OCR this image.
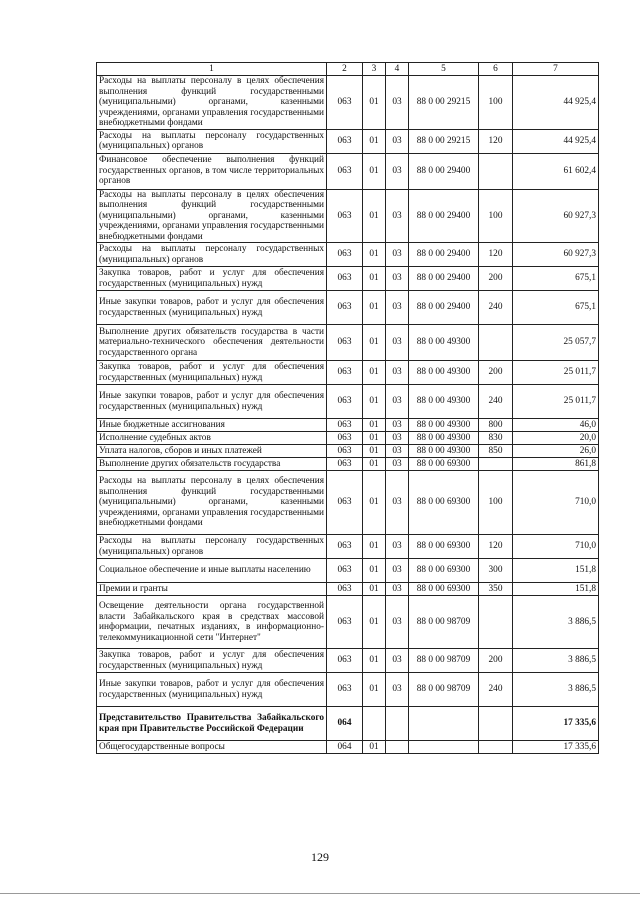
1	2	3	4	5	6	7
Расходы на выплаты персоналу в целях обеспечения выполнения функций государственными (муниципальными) органами, казенными учреждениями, органами управления государственными внебюджетными фондами	063	01	03	88 0 00 29215	100	44 925,4
Расходы на выплаты персоналу государственных (муниципальных) органов	063	01	03	88 0 00 29215	120	44 925,4
Финансовое обеспечение выполнения функций государственных органов, в том числе территориальных органов	063	01	03	88 0 00 29400		61 602,4
Расходы на выплаты персоналу в целях обеспечения выполнения функций государственными (муниципальными) органами, казенными учреждениями, органами управления государственными внебюджетными фондами	063	01	03	88 0 00 29400	100	60 927,3
Расходы на выплаты персоналу государственных (муниципальных) органов	063	01	03	88 0 00 29400	120	60 927,3
Закупка товаров, работ и услуг для обеспечения государственных (муниципальных) нужд	063	01	03	88 0 00 29400	200	675,1
Иные закупки товаров, работ и услуг для обеспечения государственных (муниципальных) нужд	063	01	03	88 0 00 29400	240	675,1
Выполнение других обязательств государства в части материально-технического обеспечения деятельности государственного органа	063	01	03	88 0 00 49300		25 057,7
Закупка товаров, работ и услуг для обеспечения государственных (муниципальных) нужд	063	01	03	88 0 00 49300	200	25 011,7
Иные закупки товаров, работ и услуг для обеспечения государственных (муниципальных) нужд	063	01	03	88 0 00 49300	240	25 011,7
Иные бюджетные ассигнования	063	01	03	88 0 00 49300	800	46,0
Исполнение судебных актов	063	01	03	88 0 00 49300	830	20,0
Уплата налогов, сборов и иных платежей	063	01	03	88 0 00 49300	850	26,0
Выполнение других обязательств государства	063	01	03	88 0 00 69300		861,8
Расходы на выплаты персоналу в целях обеспечения выполнения функций государственными (муниципальными) органами, казенными учреждениями, органами управления государственными внебюджетными фондами	063	01	03	88 0 00 69300	100	710,0
Расходы на выплаты персоналу государственных (муниципальных) органов	063	01	03	88 0 00 69300	120	710,0
Социальное обеспечение и иные выплаты населению	063	01	03	88 0 00 69300	300	151,8
Премии и гранты	063	01	03	88 0 00 69300	350	151,8
Освещение деятельности органа государственной власти Забайкальского края в средствах массовой информации, печатных изданиях, в информационно-телекоммуникационной сети "Интернет"	063	01	03	88 0 00 98709		3 886,5
Закупка товаров, работ и услуг для обеспечения государственных (муниципальных) нужд	063	01	03	88 0 00 98709	200	3 886,5
Иные закупки товаров, работ и услуг для обеспечения государственных (муниципальных) нужд	063	01	03	88 0 00 98709	240	3 886,5
Представительство Правительства Забайкальского края при Правительстве Российской Федерации	064					17 335,6
Общегосударственные вопросы	064	01				17 335,6
129
